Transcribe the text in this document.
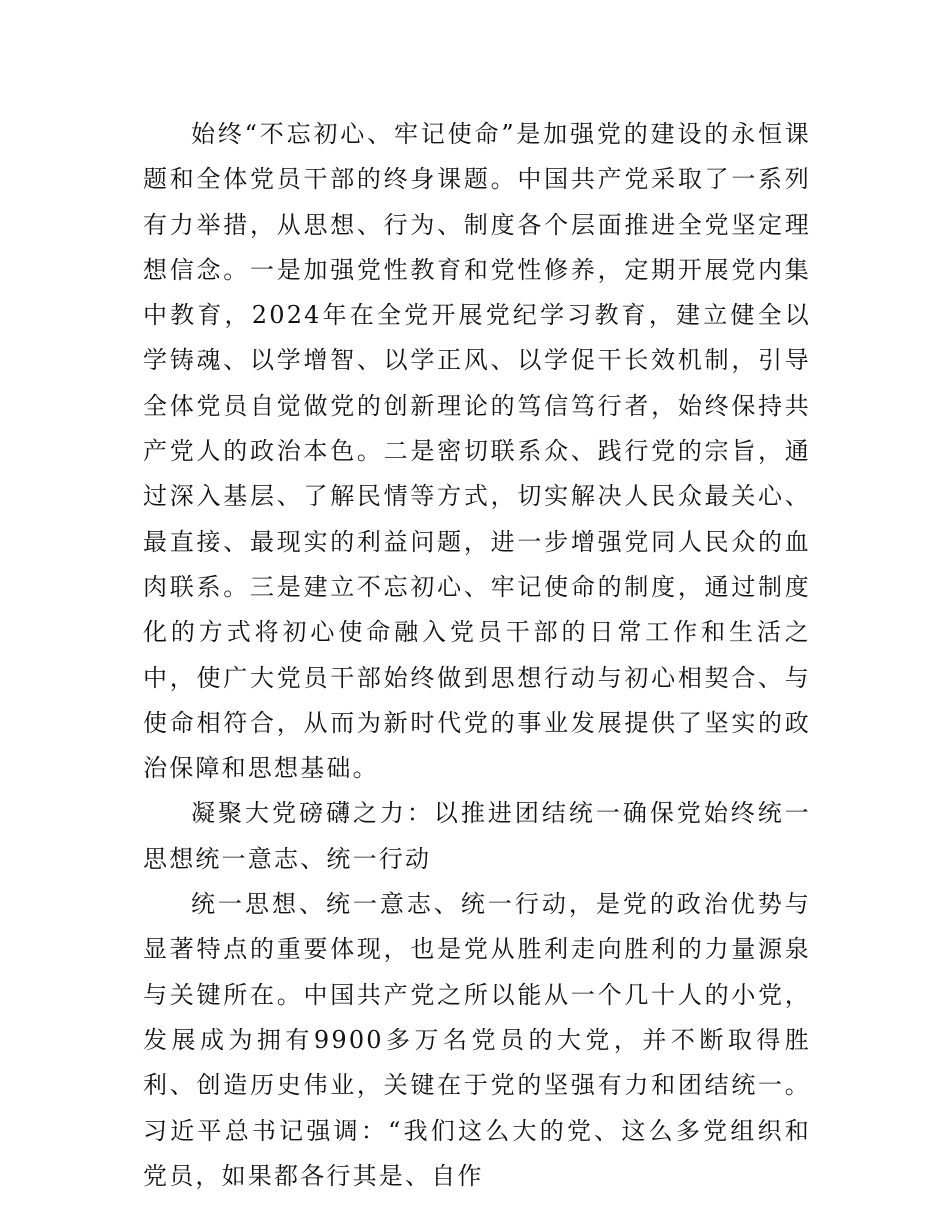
始终“不忘初心、牢记使命”是加强党的建设的永恒课题和全体党员干部的终身课题。中国共产党采取了一系列有力举措，从思想、行为、制度各个层面推进全党坚定理想信念。一是加强党性教育和党性修养，定期开展党内集中教育，2024年在全党开展党纪学习教育，建立健全以学铸魂、以学增智、以学正风、以学促干长效机制，引导全体党员自觉做党的创新理论的笃信笃行者，始终保持共产党人的政治本色。二是密切联系众、践行党的宗旨，通过深入基层、了解民情等方式，切实解决人民众最关心、最直接、最现实的利益问题，进一步增强党同人民众的血肉联系。三是建立不忘初心、牢记使命的制度，通过制度化的方式将初心使命融入党员干部的日常工作和生活之中，使广大党员干部始终做到思想行动与初心相契合、与使命相符合，从而为新时代党的事业发展提供了坚实的政治保障和思想基础。

凝聚大党磅礴之力：以推进团结统一确保党始终统一思想统一意志、统一行动

统一思想、统一意志、统一行动，是党的政治优势与显著特点的重要体现，也是党从胜利走向胜利的力量源泉与关键所在。中国共产党之所以能从一个几十人的小党，发展成为拥有9900多万名党员的大党，并不断取得胜利、创造历史伟业，关键在于党的坚强有力和团结统一。习近平总书记强调：“我们这么大的党、这么多党组织和党员，如果都各行其是、自作
